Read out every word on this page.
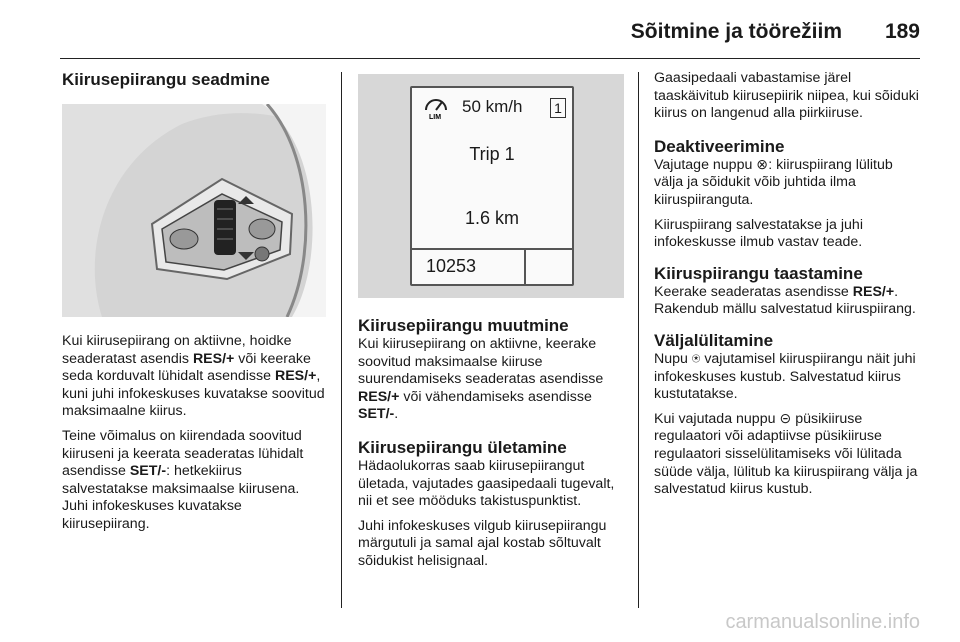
Sõitmine ja töörežiim 189
Kiirusepiirangu seadmine

Kui kiirusepiirang on aktiivne, hoidke seaderatast asendis RES/+ või keerake seda korduvalt lühidalt asendisse RES/+, kuni juhi infokeskuses kuvatakse soovitud maksimaalne kiirus.

Teine võimalus on kiirendada soovitud kiiruseni ja keerata seaderatas lühidalt asendisse SET/-: hetkekiirus salvestatakse maksimaalse kiirusena. Juhi infokeskuses kuvatakse kiirusepiirang.

LIM
50 km/h 1
Trip 1
1.6 km
10253
Kiirusepiirangu muutmine

Kui kiirusepiirang on aktiivne, keerake soovitud maksimaalse kiiruse suurendamiseks seaderatas asendisse RES/+ või vähendamiseks asendisse SET/-.

Kiirusepiirangu ületamine

Hädaolukorras saab kiirusepiirangut ületada, vajutades gaasipedaali tugevalt, nii et see mööduks takistuspunktist.

Juhi infokeskuses vilgub kiirusepiirangu märgutuli ja samal ajal kostab sõltuvalt sõidukist helisignaal.

Gaasipedaali vabastamise järel taaskäivitub kiirusepiirik niipea, kui sõiduki kiirus on langenud alla piirkiiruse.

Deaktiveerimine

Vajutage nuppu ⊗: kiiruspiirang lülitub välja ja sõidukit võib juhtida ilma kiiruspiiranguta.

Kiiruspiirang salvestatakse ja juhi infokeskusse ilmub vastav teade.

Kiiruspiirangu taastamine

Keerake seaderatas asendisse RES/+. Rakendub mällu salvestatud kiiruspiirang.

Väljalülitamine

Nupu ⍟ vajutamisel kiiruspiirangu näit juhi infokeskuses kustub. Salvestatud kiirus kustutatakse.

Kui vajutada nuppu ⊝ püsikiiruse regulaatori või adaptiivse püsikiiruse regulaatori sisselülitamiseks või lülitada süüde välja, lülitub ka kiiruspiirang välja ja salvestatud kiirus kustub.

carmanualsonline.info
